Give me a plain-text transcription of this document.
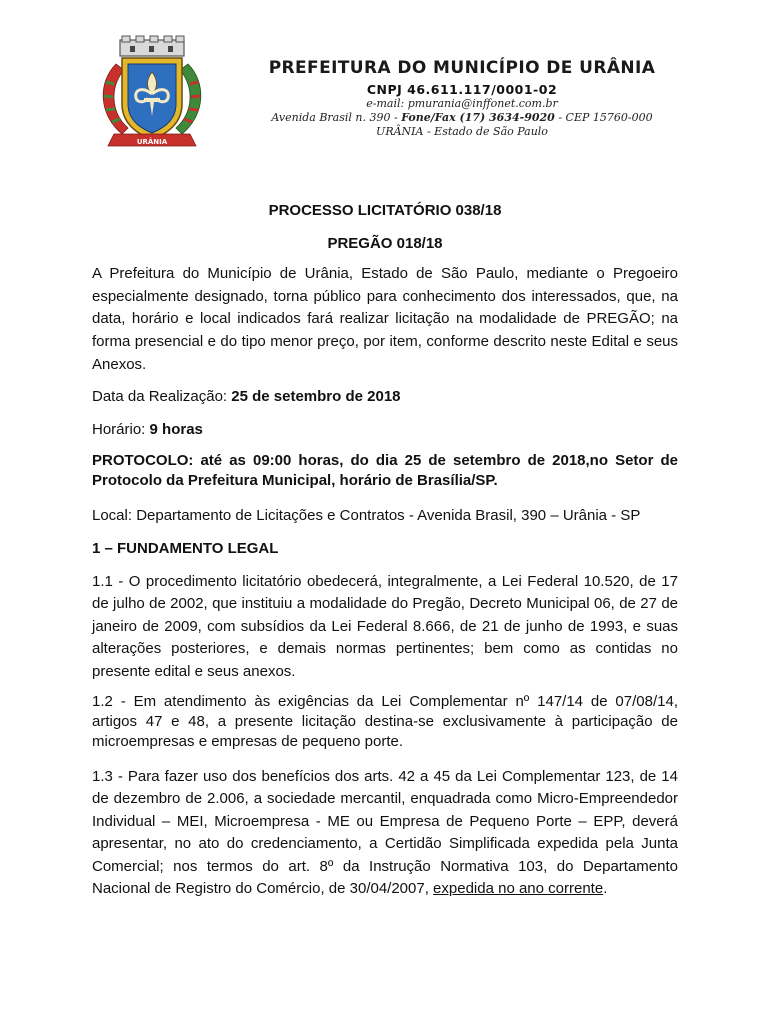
URÂNIA
PREFEITURA DO MUNICÍPIO DE URÂNIA
CNPJ 46.611.117/0001-02
e-mail: pmurania@inffonet.com.br
Avenida Brasil n. 390 - Fone/Fax (17) 3634-9020 - CEP 15760-000
URÂNIA - Estado de São Paulo

PROCESSO LICITATÓRIO 038/18

PREGÃO 018/18

A Prefeitura do Município de Urânia, Estado de São Paulo, mediante o Pregoeiro especialmente designado, torna público para conhecimento dos interessados, que, na data, horário e local indicados fará realizar licitação na modalidade de PREGÃO; na forma presencial e do tipo menor preço, por item, conforme descrito neste Edital e seus Anexos.

Data da Realização: 25 de setembro de 2018

Horário: 9 horas

PROTOCOLO: até as 09:00 horas, do dia 25 de setembro de 2018,no Setor de Protocolo da Prefeitura Municipal, horário de Brasília/SP.

Local: Departamento de Licitações e Contratos - Avenida Brasil, 390 – Urânia - SP

1 – FUNDAMENTO LEGAL

1.1 - O procedimento licitatório obedecerá, integralmente, a Lei Federal 10.520, de 17 de julho de 2002, que instituiu a modalidade do Pregão, Decreto Municipal 06, de 27 de janeiro de 2009, com subsídios da Lei Federal 8.666, de 21 de junho de 1993, e suas alterações posteriores, e demais normas pertinentes; bem como as contidas no presente edital e seus anexos.

1.2 - Em atendimento às exigências da Lei Complementar nº 147/14 de 07/08/14, artigos 47 e 48, a presente licitação destina-se exclusivamente à participação de microempresas e empresas de pequeno porte.

1.3 - Para fazer uso dos benefícios dos arts. 42 a 45 da Lei Complementar 123, de 14 de dezembro de 2.006, a sociedade mercantil, enquadrada como Micro-Empreendedor Individual – MEI, Microempresa - ME ou Empresa de Pequeno Porte – EPP, deverá apresentar, no ato do credenciamento, a Certidão Simplificada expedida pela Junta Comercial; nos termos do art. 8º da Instrução Normativa 103, do Departamento Nacional de Registro do Comércio, de 30/04/2007, expedida no ano corrente.
